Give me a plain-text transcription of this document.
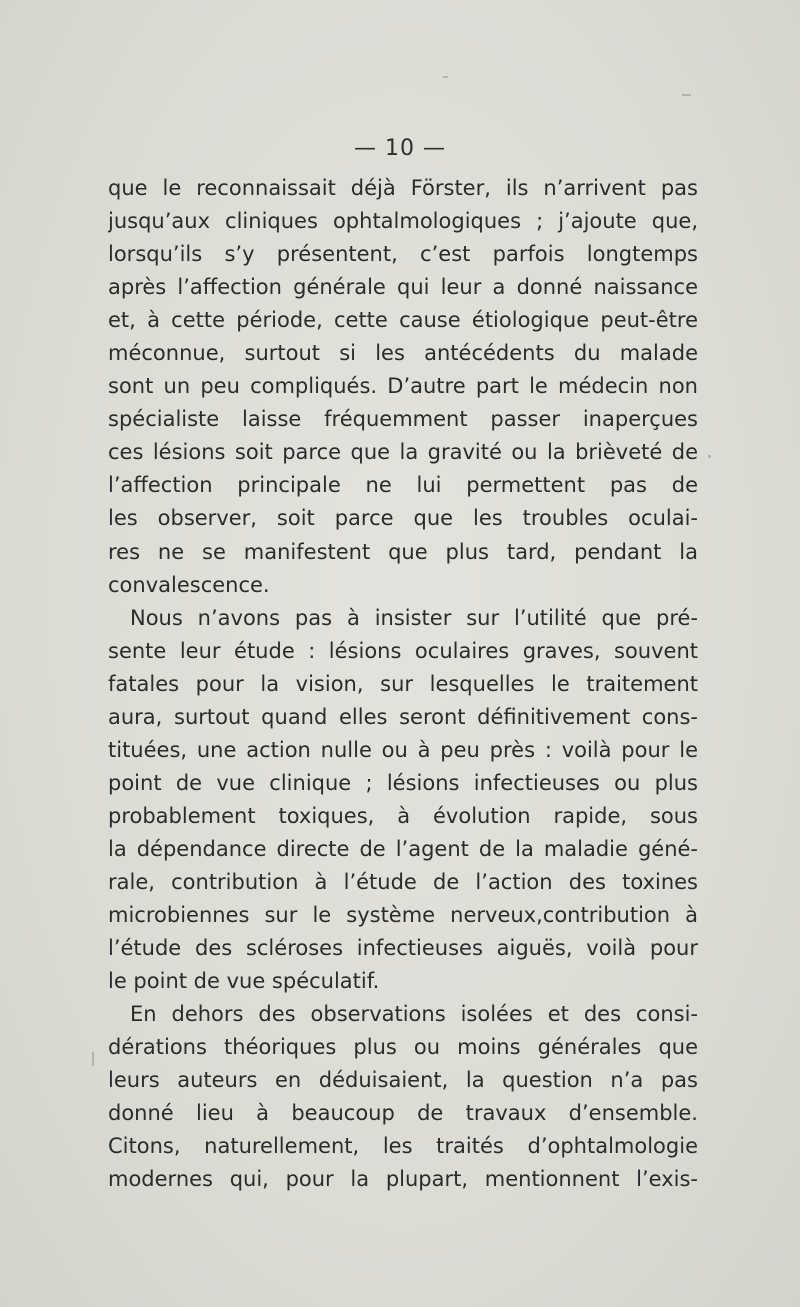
— 10 —
que le reconnaissait déjà Förster, ils n’arrivent pas
jusqu’aux cliniques ophtalmologiques ; j’ajoute que,
lorsqu’ils s’y présentent, c’est parfois longtemps
après l’affection générale qui leur a donné naissance
et, à cette période, cette cause étiologique peut-être
méconnue, surtout si les antécédents du malade
sont un peu compliqués. D’autre part le médecin non
spécialiste laisse fréquemment passer inaperçues
ces lésions soit parce que la gravité ou la brièveté de
l’affection principale ne lui permettent pas de
les observer, soit parce que les troubles oculai-
res ne se manifestent que plus tard, pendant la
convalescence.
Nous n’avons pas à insister sur l’utilité que pré-
sente leur étude : lésions oculaires graves, souvent
fatales pour la vision, sur lesquelles le traitement
aura, surtout quand elles seront définitivement cons-
tituées, une action nulle ou à peu près : voilà pour le
point de vue clinique ; lésions infectieuses ou plus
probablement toxiques, à évolution rapide, sous
la dépendance directe de l’agent de la maladie géné-
rale, contribution à l’étude de l’action des toxines
microbiennes sur le système nerveux,contribution à
l’étude des scléroses infectieuses aiguës, voilà pour
le point de vue spéculatif.
En dehors des observations isolées et des consi-
dérations théoriques plus ou moins générales que
leurs auteurs en déduisaient, la question n’a pas
donné lieu à beaucoup de travaux d’ensemble.
Citons, naturellement, les traités d’ophtalmologie
modernes qui, pour la plupart, mentionnent l’exis-
